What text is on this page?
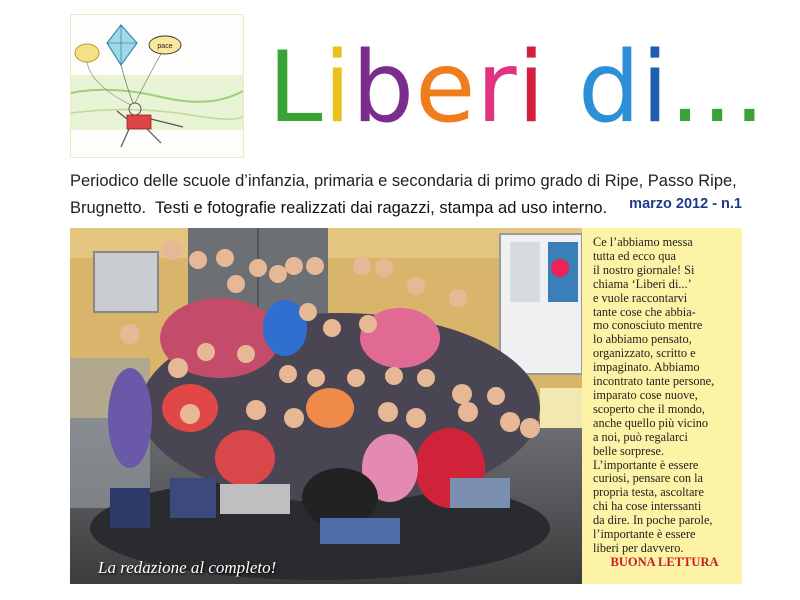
pace Liberi di...
Periodico delle scuole d’infanzia, primaria e secondaria di primo grado di Ripe, Passo Ripe,
Brugnetto. Testi e fotografie realizzati dai ragazzi, stampa ad uso interno.	marzo 2012 - n.1
La redazione al completo!
Ce l’abbiamo messa
tutta ed ecco qua
il nostro giornale! Si
chiama ‘Liberi di...’
e vuole raccontarvi
tante cose che abbia-
mo conosciuto mentre
lo abbiamo pensato,
organizzato, scritto e
impaginato. Abbiamo
incontrato tante persone,
imparato cose nuove,
scoperto che il mondo,
anche quello più vicino
a noi, può regalarci
belle sorprese.
L’importante è essere
curiosi, pensare con la
propria testa, ascoltare
chi ha cose interssanti
da dire. In poche parole,
l’importante è essere
liberi per davvero.
BUONA LETTURA
